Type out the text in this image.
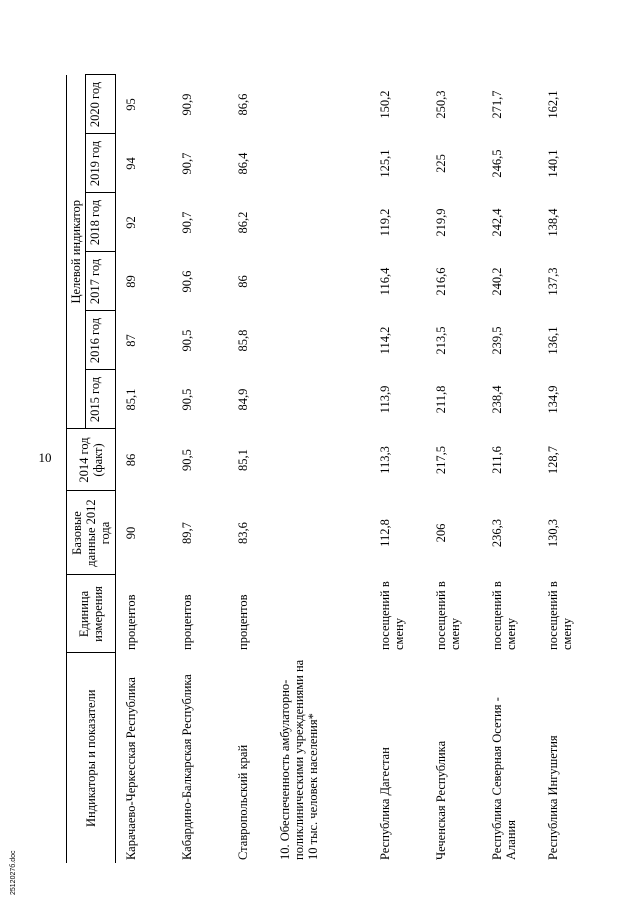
10
Индикаторы и показатели	Единица измерения	Базовые данные 2012 года	2014 год (факт)	Целевой индикатор					
				2015 год	2016 год	2017 год	2018 год	2019 год	2020 год

Карачаево-Черкесская Республика	процентов	90	86	85,1	87	89	92	94	95
Кабардино-Балкарская Республика	процентов	89,7	90,5	90,5	90,5	90,6	90,7	90,7	90,9
Ставропольский край	процентов	83,6	85,1	84,9	85,8	86	86,2	86,4	86,6
10. Обеспеченность амбулаторно-поликлиническими учреждениями на 10 тыс. человек населения*									
Республика Дагестан	посещений в смену	112,8	113,3	113,9	114,2	116,4	119,2	125,1	150,2
Чеченская Республика	посещений в смену	206	217,5	211,8	213,5	216,6	219,9	225	250,3
Республика Северная Осетия - Алания	посещений в смену	236,3	211,6	238,4	239,5	240,2	242,4	246,5	271,7
Республика Ингушетия	посещений в смену	130,3	128,7	134,9	136,1	137,3	138,4	140,1	162,1
2512027б.doc
